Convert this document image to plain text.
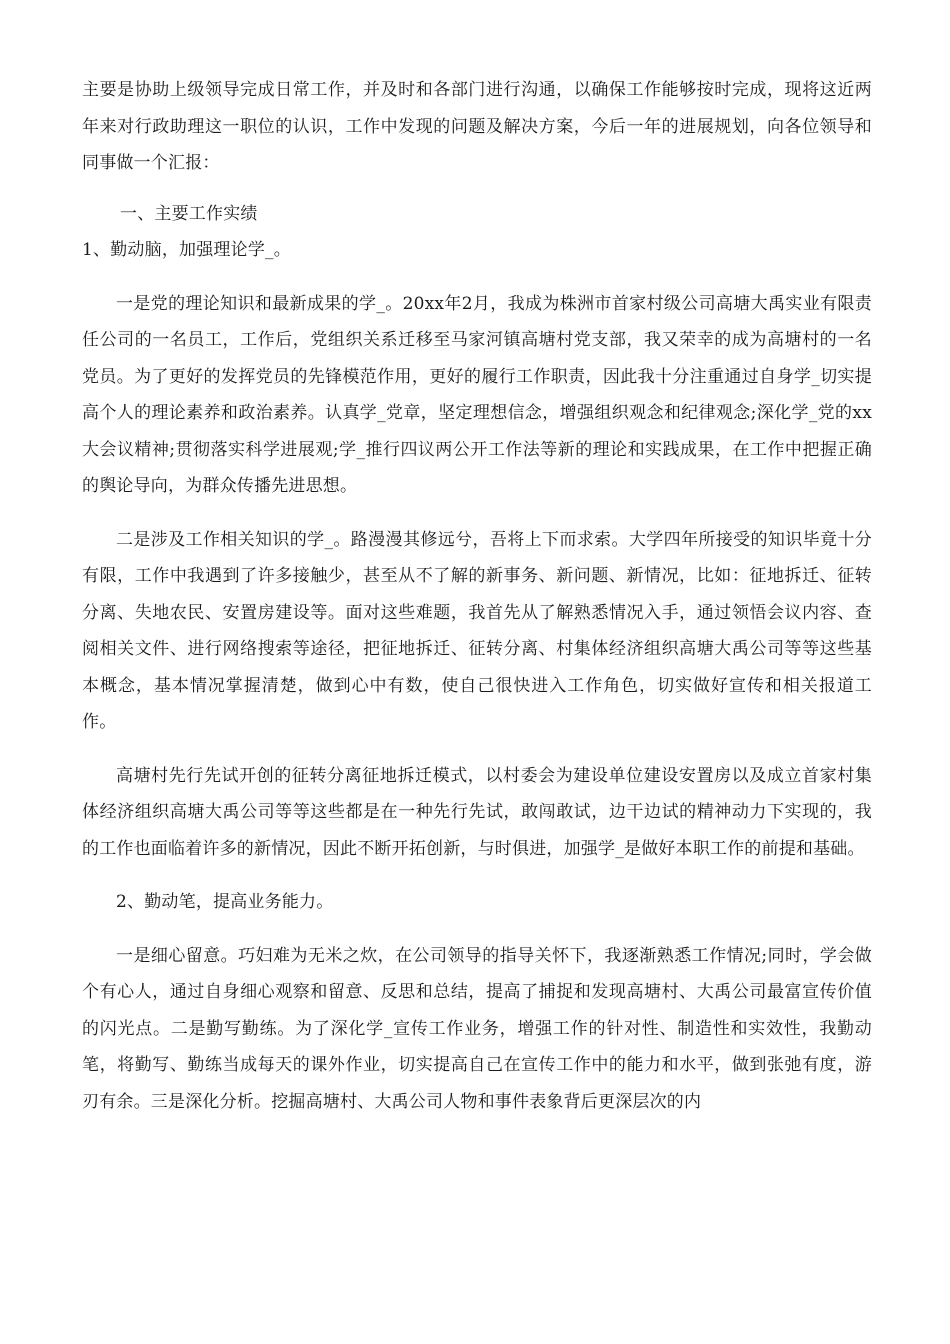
主要是协助上级领导完成日常工作，并及时和各部门进行沟通，以确保工作能够按时完成，现将这近两年来对行政助理这一职位的认识，工作中发现的问题及解决方案，今后一年的进展规划，向各位领导和同事做一个汇报：

一、主要工作实绩

1、勤动脑，加强理论学_。

一是党的理论知识和最新成果的学_。20xx年2月，我成为株洲市首家村级公司高塘大禹实业有限责任公司的一名员工，工作后，党组织关系迁移至马家河镇高塘村党支部，我又荣幸的成为高塘村的一名党员。为了更好的发挥党员的先锋模范作用，更好的履行工作职责，因此我十分注重通过自身学_切实提高个人的理论素养和政治素养。认真学_党章，坚定理想信念，增强组织观念和纪律观念;深化学_党的xx大会议精神;贯彻落实科学进展观;学_推行四议两公开工作法等新的理论和实践成果，在工作中把握正确的舆论导向，为群众传播先进思想。

二是涉及工作相关知识的学_。路漫漫其修远兮，吾将上下而求索。大学四年所接受的知识毕竟十分有限，工作中我遇到了许多接触少，甚至从不了解的新事务、新问题、新情况，比如：征地拆迁、征转分离、失地农民、安置房建设等。面对这些难题，我首先从了解熟悉情况入手，通过领悟会议内容、查阅相关文件、进行网络搜索等途径，把征地拆迁、征转分离、村集体经济组织高塘大禹公司等等这些基本概念，基本情况掌握清楚，做到心中有数，使自己很快进入工作角色，切实做好宣传和相关报道工作。

高塘村先行先试开创的征转分离征地拆迁模式，以村委会为建设单位建设安置房以及成立首家村集体经济组织高塘大禹公司等等这些都是在一种先行先试，敢闯敢试，边干边试的精神动力下实现的，我的工作也面临着许多的新情况，因此不断开拓创新，与时俱进，加强学_是做好本职工作的前提和基础。

2、勤动笔，提高业务能力。

一是细心留意。巧妇难为无米之炊，在公司领导的指导关怀下，我逐渐熟悉工作情况;同时，学会做个有心人，通过自身细心观察和留意、反思和总结，提高了捕捉和发现高塘村、大禹公司最富宣传价值的闪光点。二是勤写勤练。为了深化学_宣传工作业务，增强工作的针对性、制造性和实效性，我勤动笔，将勤写、勤练当成每天的课外作业，切实提高自己在宣传工作中的能力和水平，做到张弛有度，游刃有余。三是深化分析。挖掘高塘村、大禹公司人物和事件表象背后更深层次的内
